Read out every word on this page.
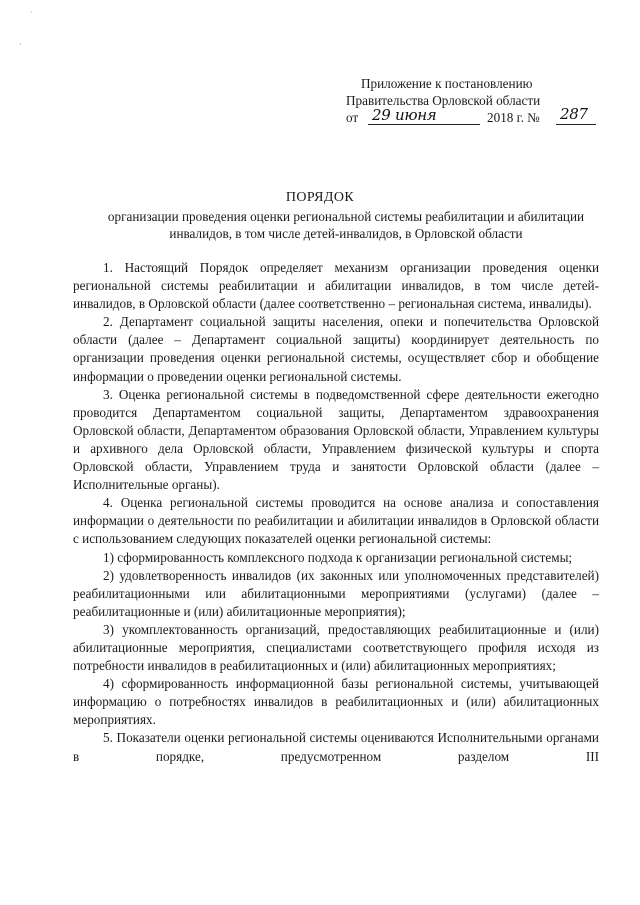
·
·
Приложение к постановлению
Правительства Орловской области
от 29 июня	2018 г. № 287
ПОРЯДОК
организации проведения оценки региональной системы реабилитации и абилитации инвалидов, в том числе детей-инвалидов, в Орловской области

1. Настоящий Порядок определяет механизм организации проведения оценки региональной системы реабилитации и абилитации инвалидов, в том числе детей-инвалидов, в Орловской области (далее соответственно – региональная система, инвалиды).

2. Департамент социальной защиты населения, опеки и попечительства Орловской области (далее – Департамент социальной защиты) координирует деятельность по организации проведения оценки региональной системы, осуществляет сбор и обобщение информации о проведении оценки региональной системы.

3. Оценка региональной системы в подведомственной сфере деятельности ежегодно проводится Департаментом социальной защиты, Департаментом здравоохранения Орловской области, Департаментом образования Орловской области, Управлением культуры и архивного дела Орловской области, Управлением физической культуры и спорта Орловской области, Управлением труда и занятости Орловской области (далее – Исполнительные органы).

4. Оценка региональной системы проводится на основе анализа и сопоставления информации о деятельности по реабилитации и абилитации инвалидов в Орловской области с использованием следующих показателей оценки региональной системы:

1) сформированность комплексного подхода к организации региональной системы;

2) удовлетворенность инвалидов (их законных или уполномоченных представителей) реабилитационными или абилитационными мероприятиями (услугами) (далее – реабилитационные и (или) абилитационные мероприятия);

3) укомплектованность организаций, предоставляющих реабилитационные и (или) абилитационные мероприятия, специалистами соответствующего профиля исходя из потребности инвалидов в реабилитационных и (или) абилитационных мероприятиях;

4) сформированность информационной базы региональной системы, учитывающей информацию о потребностях инвалидов в реабилитационных и (или) абилитационных мероприятиях.

5. Показатели оценки региональной системы оцениваются Исполнительными органами в порядке, предусмотренном разделом III
